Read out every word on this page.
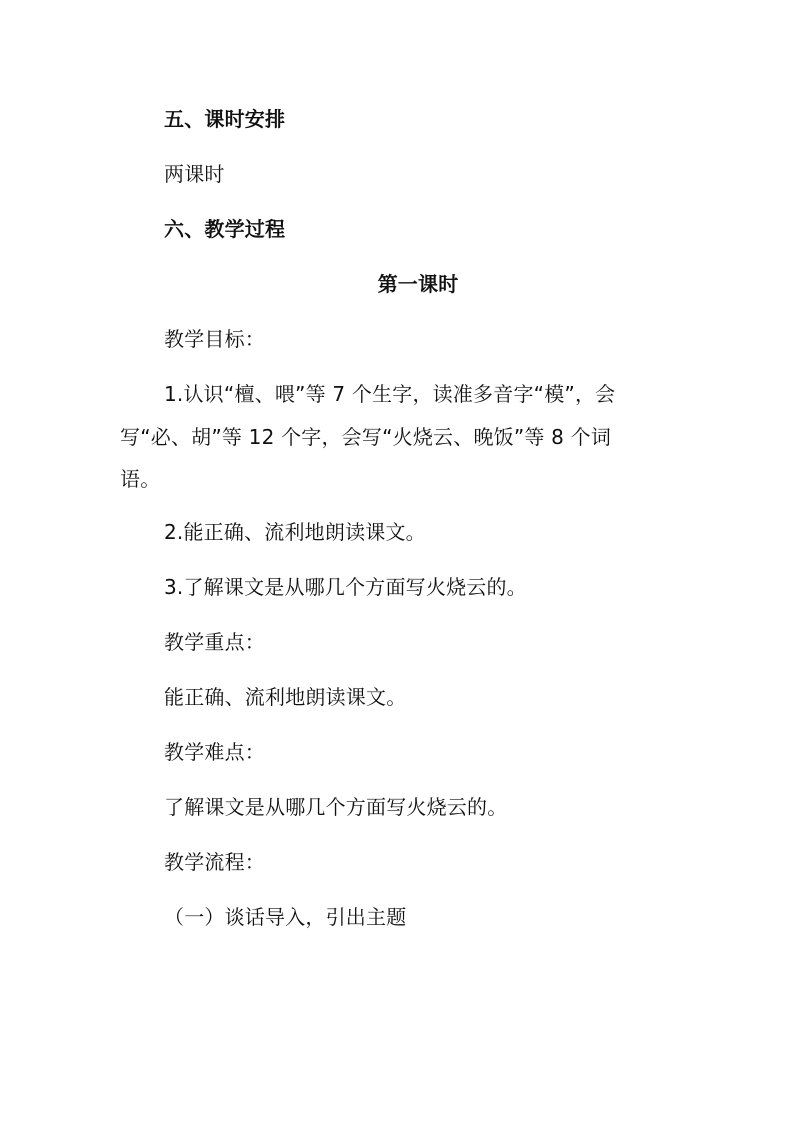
五、课时安排
两课时
六、教学过程
第一课时
教学目标：
1.认识“檀、喂”等 7 个生字，读准多音字“模”，会
写“必、胡”等 12 个字，会写“火烧云、晚饭”等 8 个词
语。
2.能正确、流利地朗读课文。
3.了解课文是从哪几个方面写火烧云的。
教学重点：
能正确、流利地朗读课文。
教学难点：
了解课文是从哪几个方面写火烧云的。
教学流程：
（一）谈话导入，引出主题
